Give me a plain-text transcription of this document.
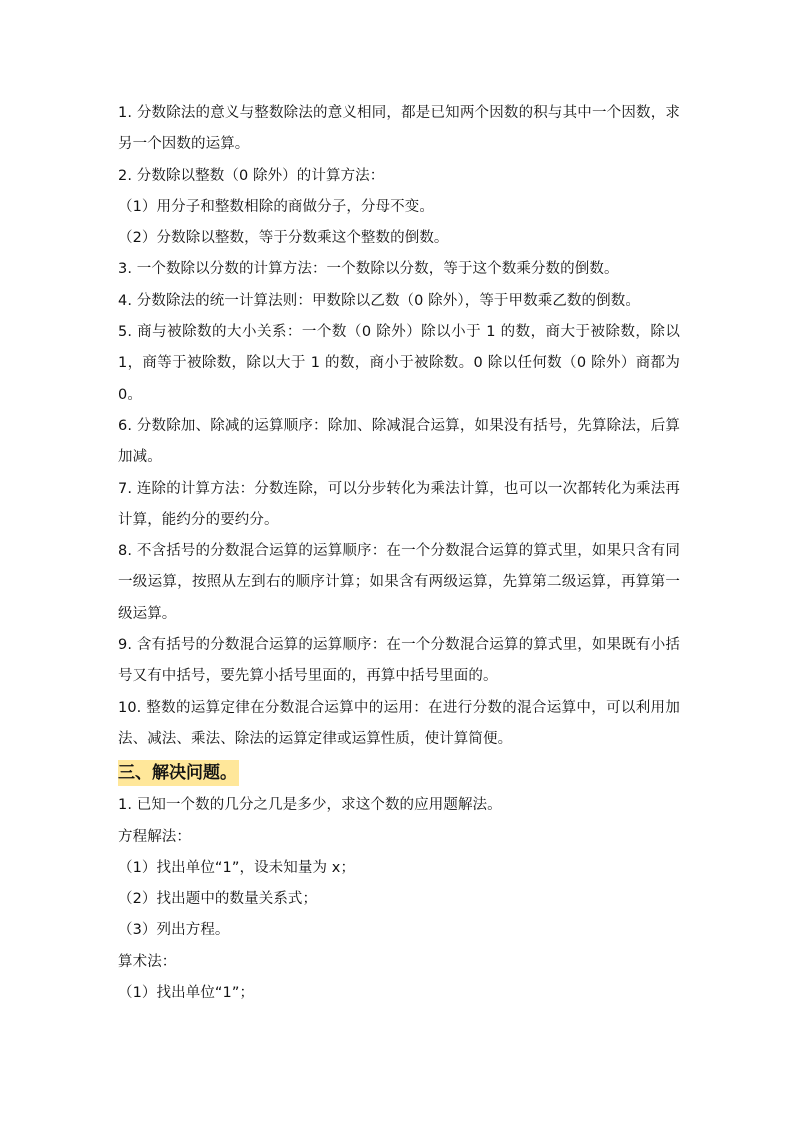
1. 分数除法的意义与整数除法的意义相同，都是已知两个因数的积与其中一个因数，求另一个因数的运算。

2. 分数除以整数（0 除外）的计算方法：

（1）用分子和整数相除的商做分子，分母不变。

（2）分数除以整数，等于分数乘这个整数的倒数。

3. 一个数除以分数的计算方法：一个数除以分数，等于这个数乘分数的倒数。

4. 分数除法的统一计算法则：甲数除以乙数（0 除外），等于甲数乘乙数的倒数。

5. 商与被除数的大小关系：一个数（0 除外）除以小于 1 的数，商大于被除数，除以 1，商等于被除数，除以大于 1 的数，商小于被除数。0 除以任何数（0 除外）商都为 0。

6. 分数除加、除减的运算顺序：除加、除减混合运算，如果没有括号，先算除法，后算加减。

7. 连除的计算方法：分数连除，可以分步转化为乘法计算，也可以一次都转化为乘法再计算，能约分的要约分。

8. 不含括号的分数混合运算的运算顺序：在一个分数混合运算的算式里，如果只含有同一级运算，按照从左到右的顺序计算；如果含有两级运算，先算第二级运算，再算第一级运算。

9. 含有括号的分数混合运算的运算顺序：在一个分数混合运算的算式里，如果既有小括号又有中括号，要先算小括号里面的，再算中括号里面的。

10. 整数的运算定律在分数混合运算中的运用：在进行分数的混合运算中，可以利用加法、减法、乘法、除法的运算定律或运算性质，使计算简便。

三、解决问题。

1. 已知一个数的几分之几是多少，求这个数的应用题解法。

方程解法：

（1）找出单位“1”，设未知量为 x；

（2）找出题中的数量关系式；

（3）列出方程。

算术法：

（1）找出单位“1”；
